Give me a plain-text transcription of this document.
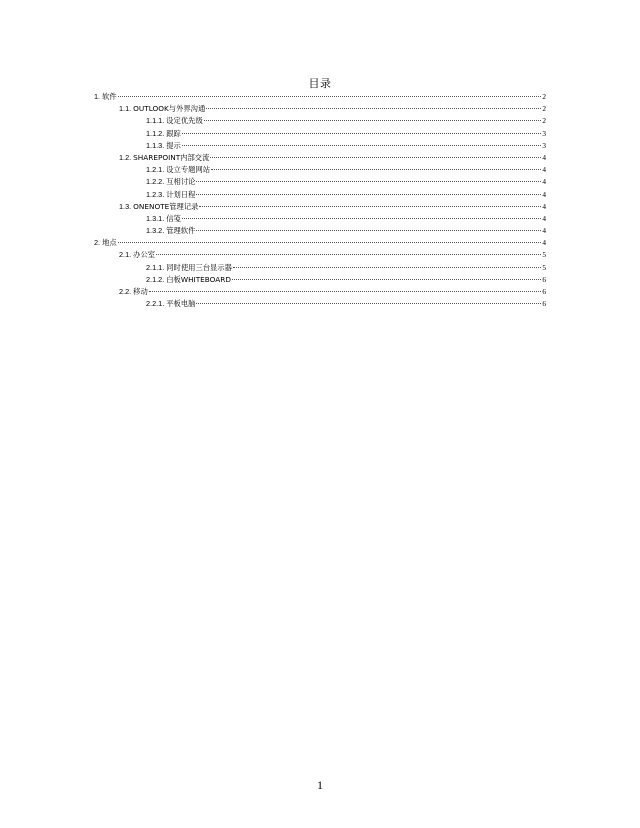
目录
1. 软件	2
1.1. OUTLOOK与外界沟通	2
1.1.1. 设定优先级	2
1.1.2. 跟踪	3
1.1.3. 提示	3
1.2. SHAREPOINT内部交流	4
1.2.1. 设立专题网站	4
1.2.2. 互相讨论	4
1.2.3. 计划日程	4
1.3. ONENOTE管理记录	4
1.3.1. 信笺	4
1.3.2. 管理软件	4
2. 地点	4
2.1. 办公室	5
2.1.1. 同时使用三台显示器	5
2.1.2. 白板WHITEBOARD	6
2.2. 移动	6
2.2.1. 平板电脑	6
1
